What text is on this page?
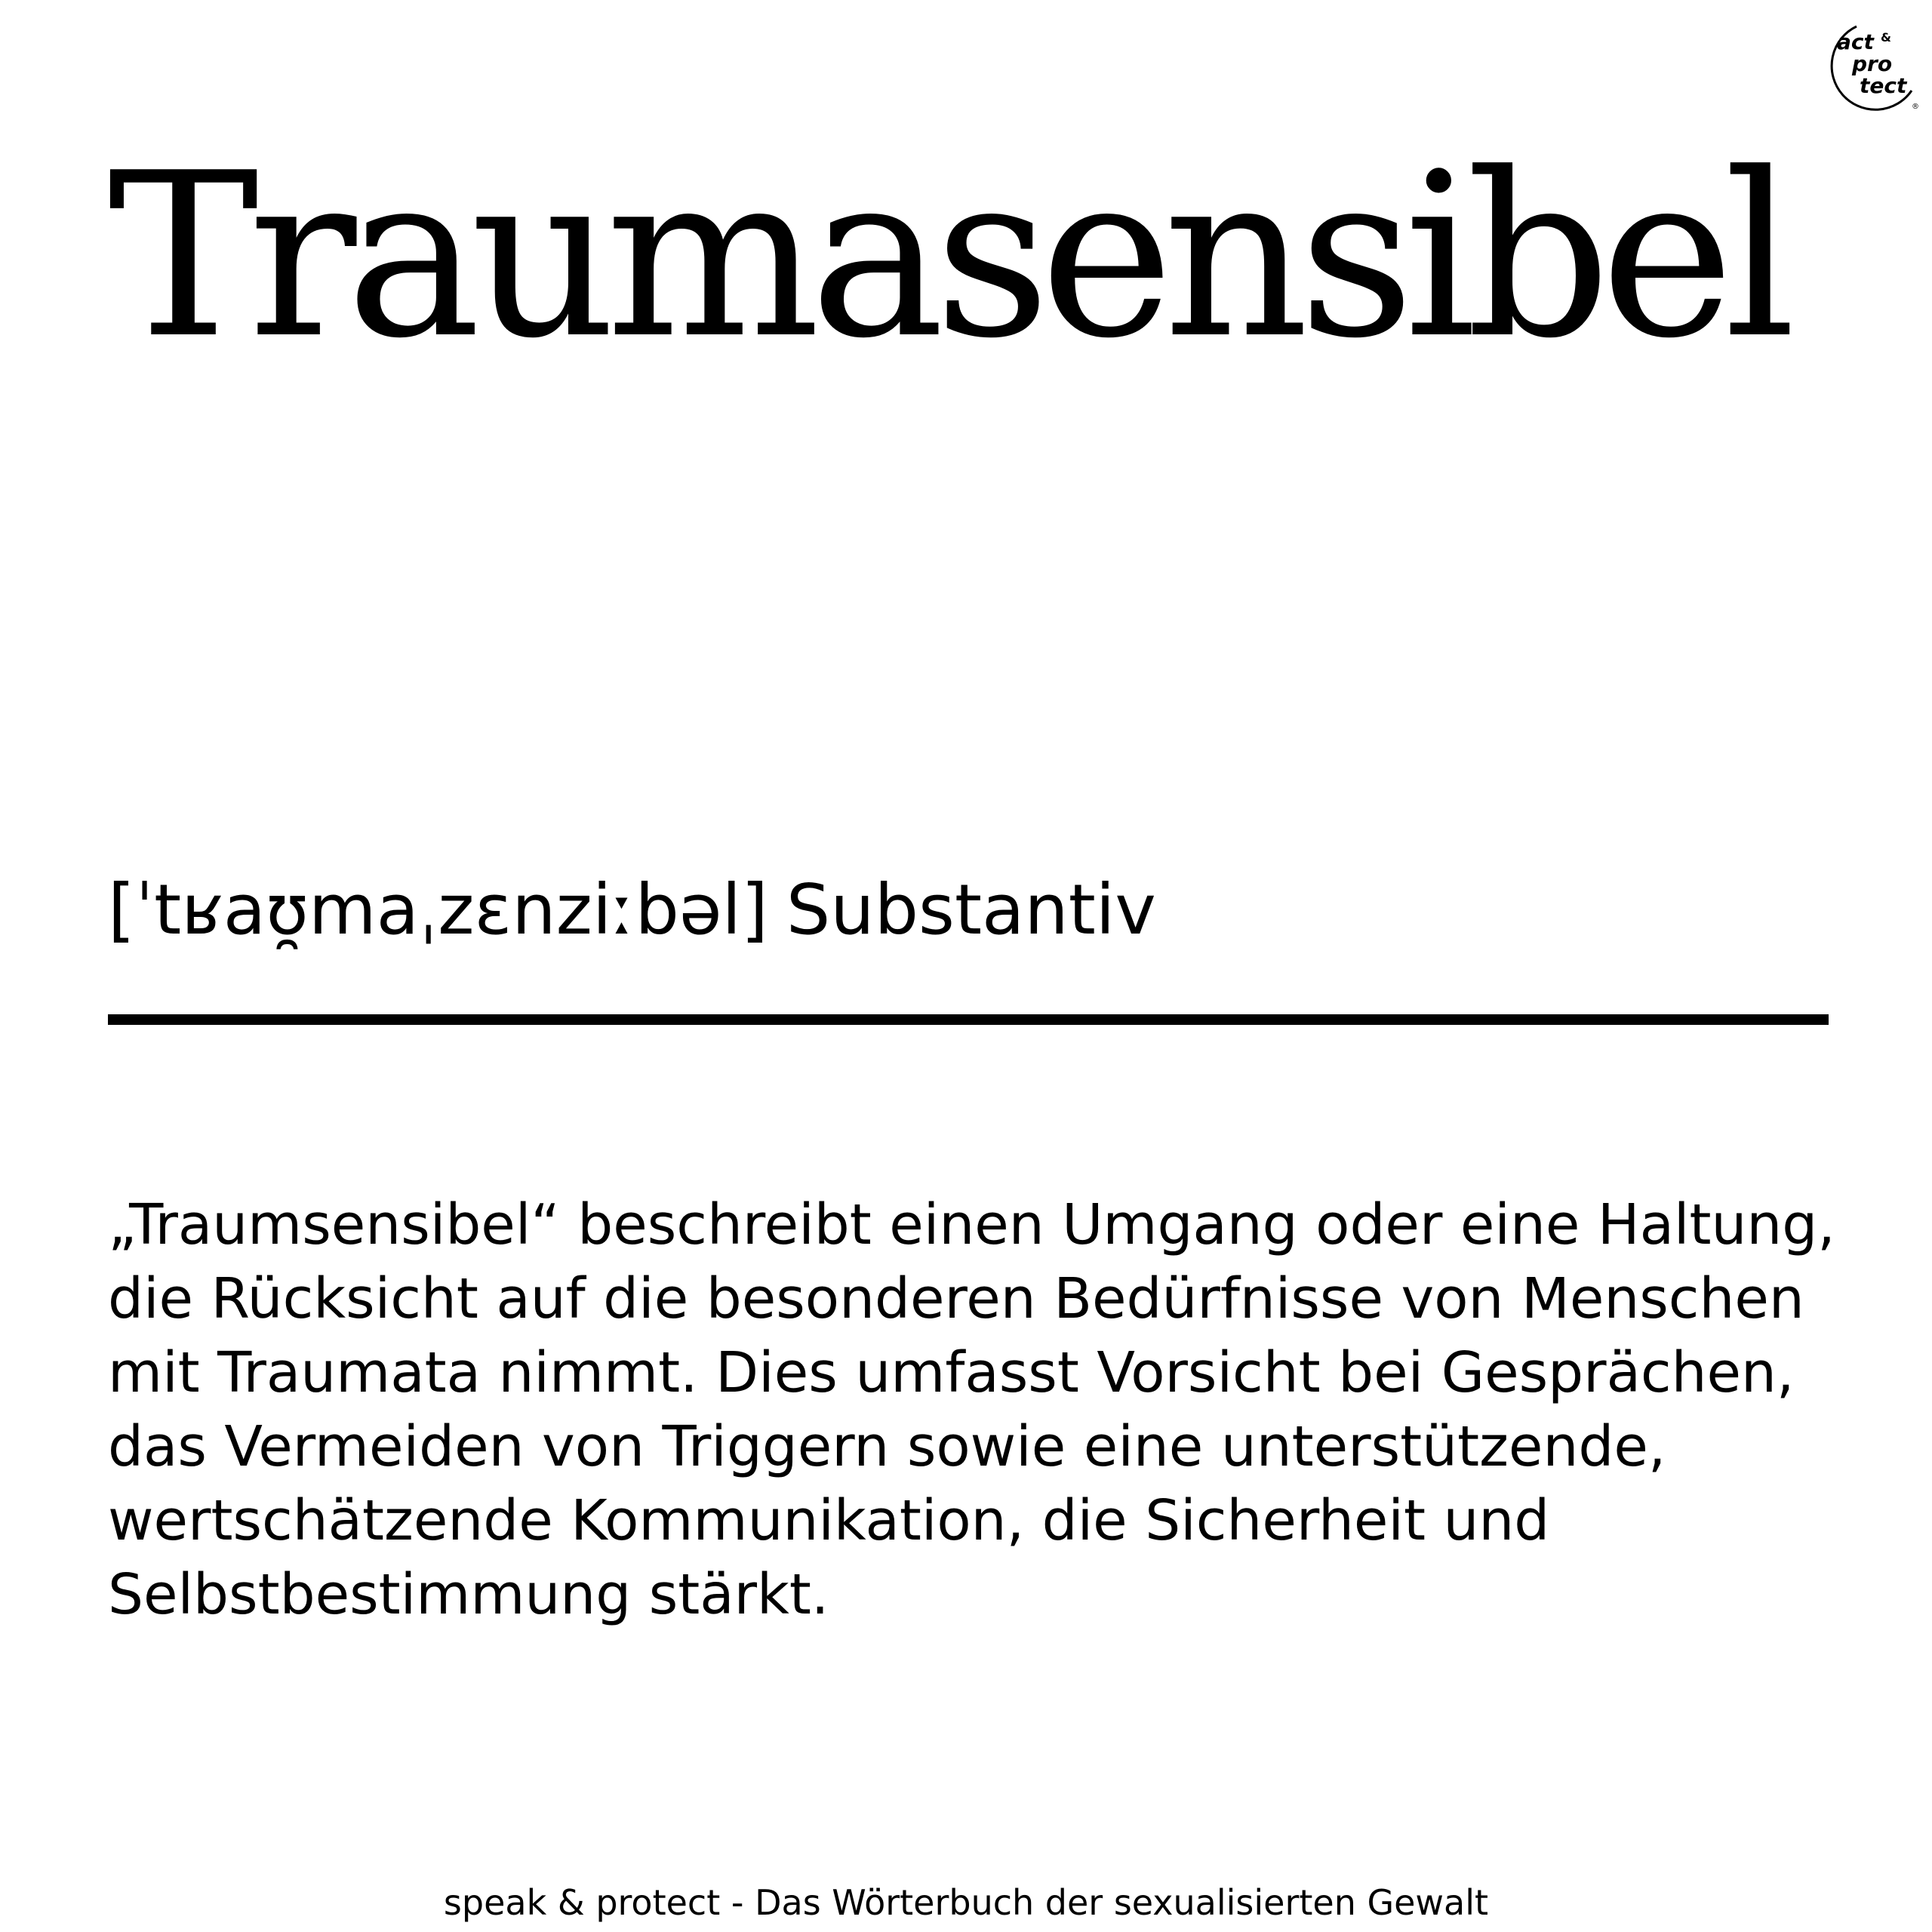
act &
pro
tect
®
Traumasensibel
[ˈtʁaʊ̯maˌzɛnziːbəl] Substantiv

„Traumsensibel“ beschreibt einen Umgang oder eine Haltung, die Rücksicht auf die besonderen Bedürfnisse von Menschen mit Traumata nimmt. Dies umfasst Vorsicht bei Gesprächen, das Vermeiden von Triggern sowie eine unterstützende, wertschätzende Kommunikation, die Sicherheit und Selbstbestimmung stärkt.

speak & protect - Das Wörterbuch der sexualisierten Gewalt
